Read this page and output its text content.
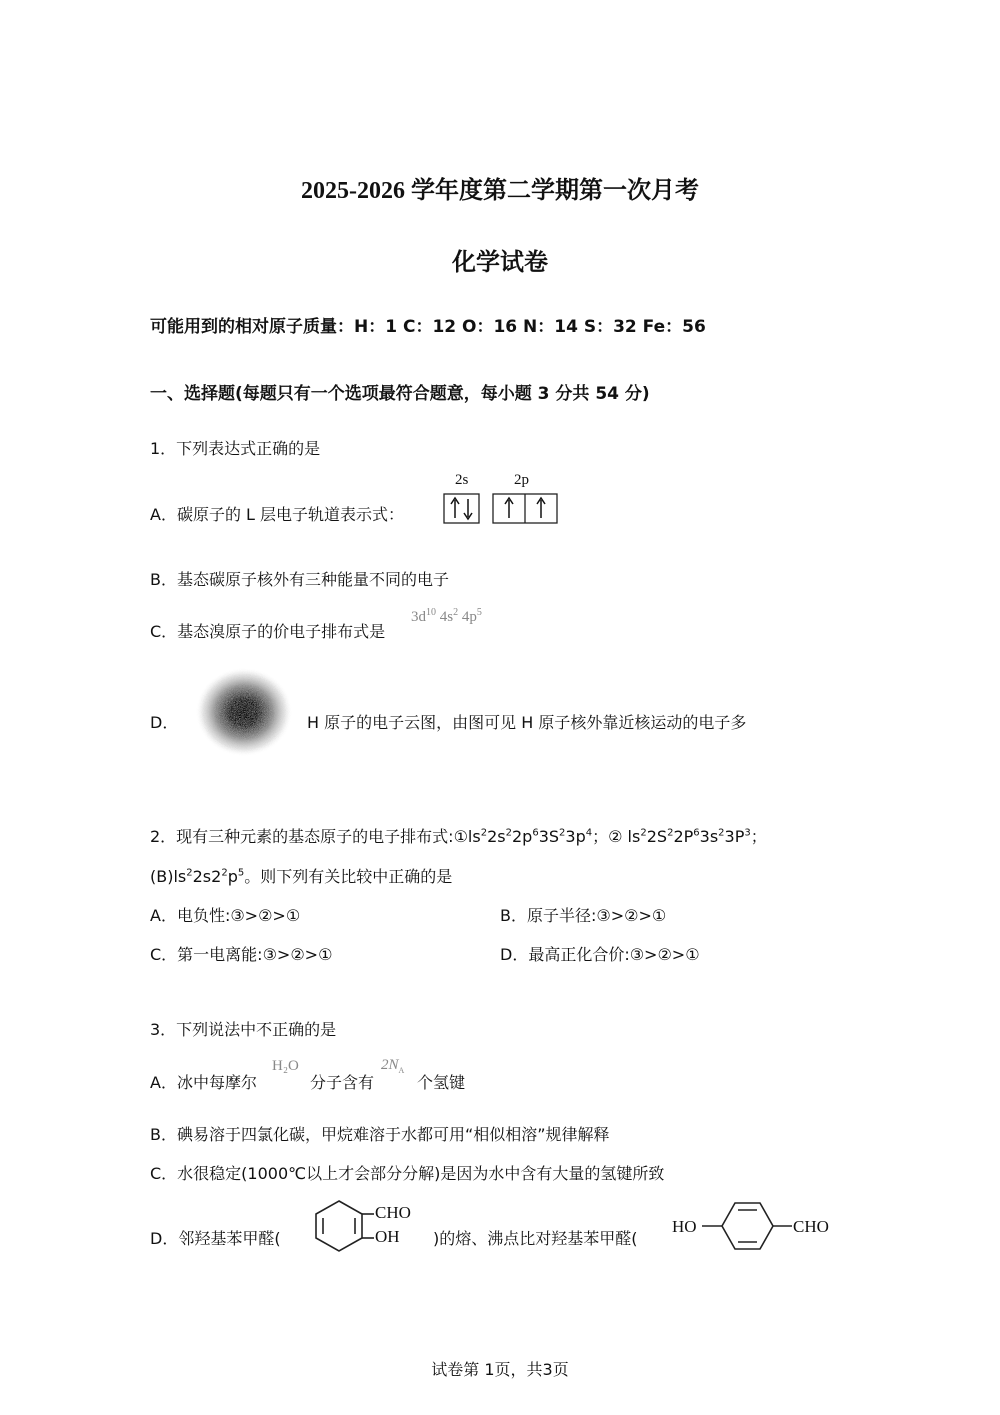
2025-2026 学年度第二学期第一次月考
化学试卷
可能用到的相对原子质量：H：1 C：12 O：16 N：14 S：32 Fe：56
一、选择题(每题只有一个选项最符合题意，每小题 3 分共 54 分)
1．下列表达式正确的是
A．碳原子的 L 层电子轨道表示式：
2s	2p
B．基态碳原子核外有三种能量不同的电子
C．基态溴原子的价电子排布式是
$3d^{10}$ $4s^2$ $4p^5$
D．	H 原子的电子云图，由图可见 H 原子核外靠近核运动的电子多
2．现有三种元素的基态原子的电子排布式$:①ls^22s^22p^63S^23p^4$；② $ls^22S^22P^63s^23P^3$；
$(B)ls^22s2^2p^5$。则下列有关比较中正确的是
A．电负性:③>②>①	B．原子半径:③>②>①
C．第一电离能:③>②>①	D．最高正化合价:③>②>①
3．下列说法中不正确的是
A．冰中每摩尔
H₂O
分子含有
$2N_A$
个氢键
B．碘易溶于四氯化碳，甲烷难溶于水都可用“相似相溶”规律解释
C．水很稳定(1000℃以上才会部分分解)是因为水中含有大量的氢键所致
D．邻羟基苯甲醛(
CHO
OH )的熔、沸点比对羟基苯甲醛(
HO	CHO
试卷第 1页，共3页
